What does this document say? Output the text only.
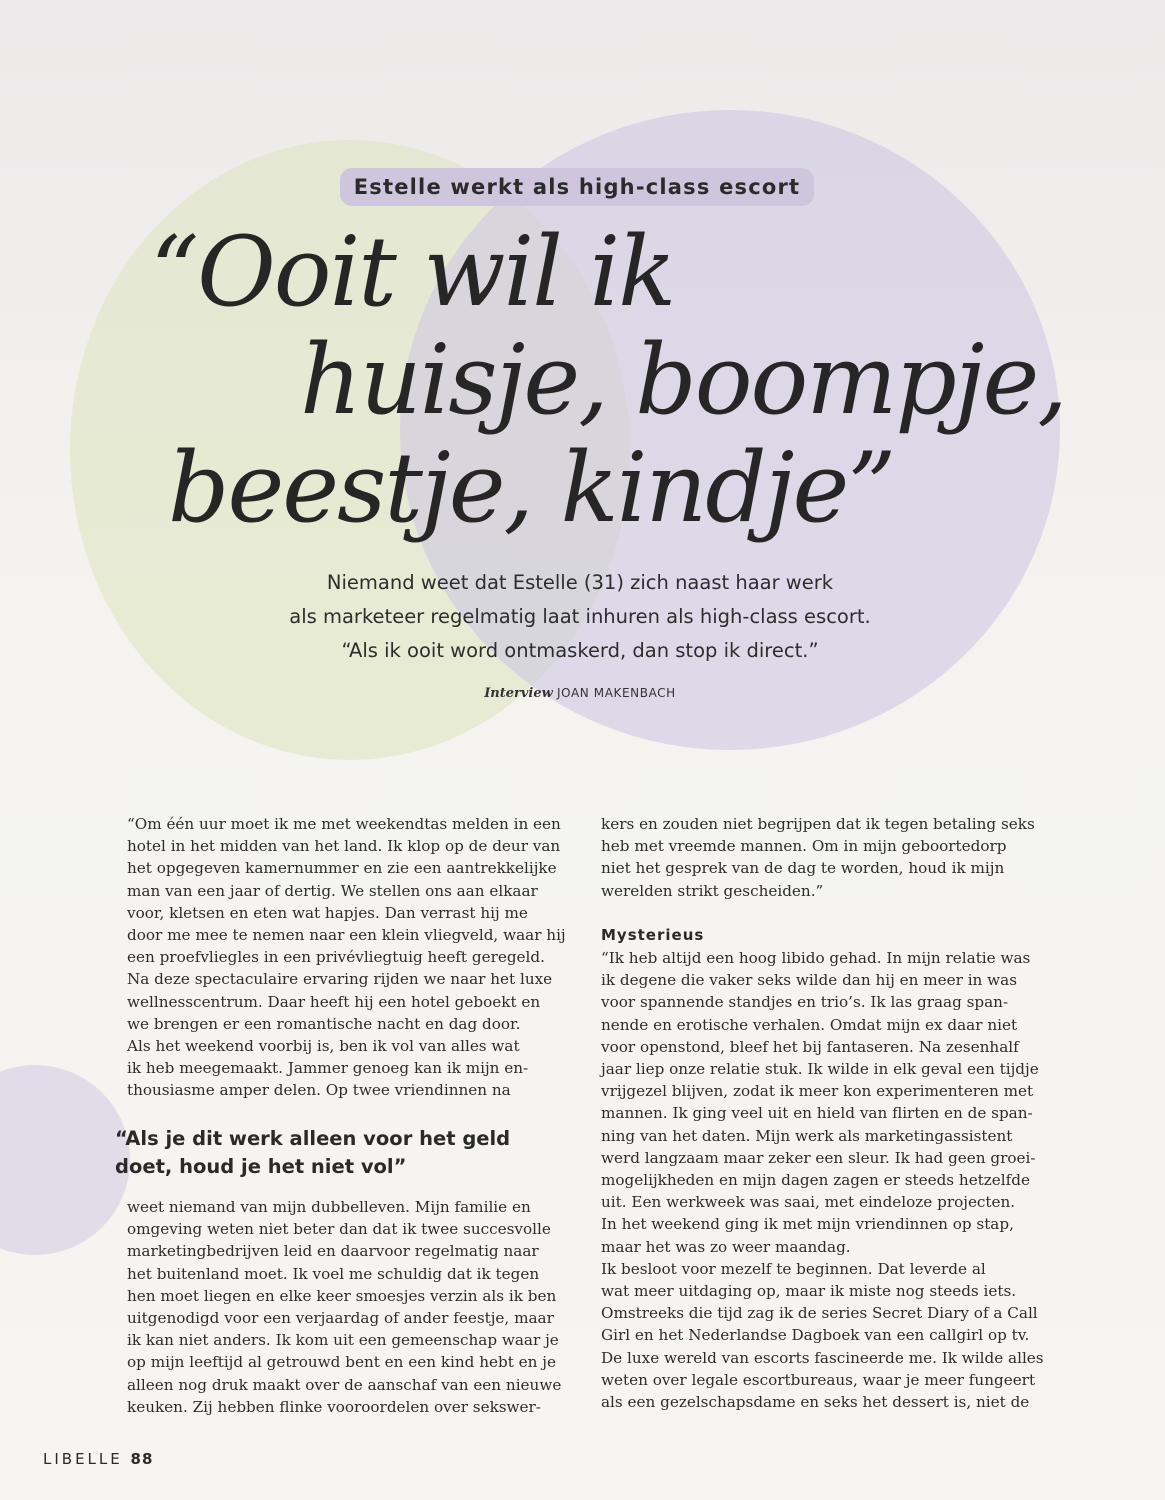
Estelle werkt als high-class escort
“Ooit wil ik
huisje, boompje,
beestje, kindje”
Niemand weet dat Estelle (31) zich naast haar werk
als marketeer regelmatig laat inhuren als high-class escort.
“Als ik ooit word ontmaskerd, dan stop ik direct.”
Interview JOAN MAKENBACH

“Om één uur moet ik me met weekendtas melden in een

hotel in het midden van het land. Ik klop op de deur van

het opgegeven kamernummer en zie een aantrekkelijke

man van een jaar of dertig. We stellen ons aan elkaar

voor, kletsen en eten wat hapjes. Dan verrast hij me

door me mee te nemen naar een klein vliegveld, waar hij

een proefvliegles in een privévliegtuig heeft geregeld.

Na deze spectaculaire ervaring rijden we naar het luxe

wellnesscentrum. Daar heeft hij een hotel geboekt en

we brengen er een romantische nacht en dag door.

Als het weekend voorbij is, ben ik vol van alles wat

ik heb meegemaakt. Jammer genoeg kan ik mijn en-

thousiasme amper delen. Op twee vriendinnen na

“Als je dit werk alleen voor het geld
doet, houd je het niet vol”

weet niemand van mijn dubbelleven. Mijn familie en

omgeving weten niet beter dan dat ik twee succesvolle

marketingbedrijven leid en daarvoor regelmatig naar

het buitenland moet. Ik voel me schuldig dat ik tegen

hen moet liegen en elke keer smoesjes verzin als ik ben

uitgenodigd voor een verjaardag of ander feestje, maar

ik kan niet anders. Ik kom uit een gemeenschap waar je

op mijn leeftijd al getrouwd bent en een kind hebt en je

alleen nog druk maakt over de aanschaf van een nieuwe

keuken. Zij hebben flinke vooroordelen over sekswer-

kers en zouden niet begrijpen dat ik tegen betaling seks

heb met vreemde mannen. Om in mijn geboortedorp

niet het gesprek van de dag te worden, houd ik mijn

werelden strikt gescheiden.”

Mysterieus

“Ik heb altijd een hoog libido gehad. In mijn relatie was

ik degene die vaker seks wilde dan hij en meer in was

voor spannende standjes en trio’s. Ik las graag span-

nende en erotische verhalen. Omdat mijn ex daar niet

voor openstond, bleef het bij fantaseren. Na zesenhalf

jaar liep onze relatie stuk. Ik wilde in elk geval een tijdje

vrijgezel blijven, zodat ik meer kon experimenteren met

mannen. Ik ging veel uit en hield van flirten en de span-

ning van het daten. Mijn werk als marketingassistent

werd langzaam maar zeker een sleur. Ik had geen groei-

mogelijkheden en mijn dagen zagen er steeds hetzelfde

uit. Een werkweek was saai, met eindeloze projecten.

In het weekend ging ik met mijn vriendinnen op stap,

maar het was zo weer maandag.

Ik besloot voor mezelf te beginnen. Dat leverde al

wat meer uitdaging op, maar ik miste nog steeds iets.

Omstreeks die tijd zag ik de series Secret Diary of a Call

Girl en het Nederlandse Dagboek van een callgirl op tv.

De luxe wereld van escorts fascineerde me. Ik wilde alles

weten over legale escortbureaus, waar je meer fungeert

als een gezelschapsdame en seks het dessert is, niet de

LIBELLE 88
